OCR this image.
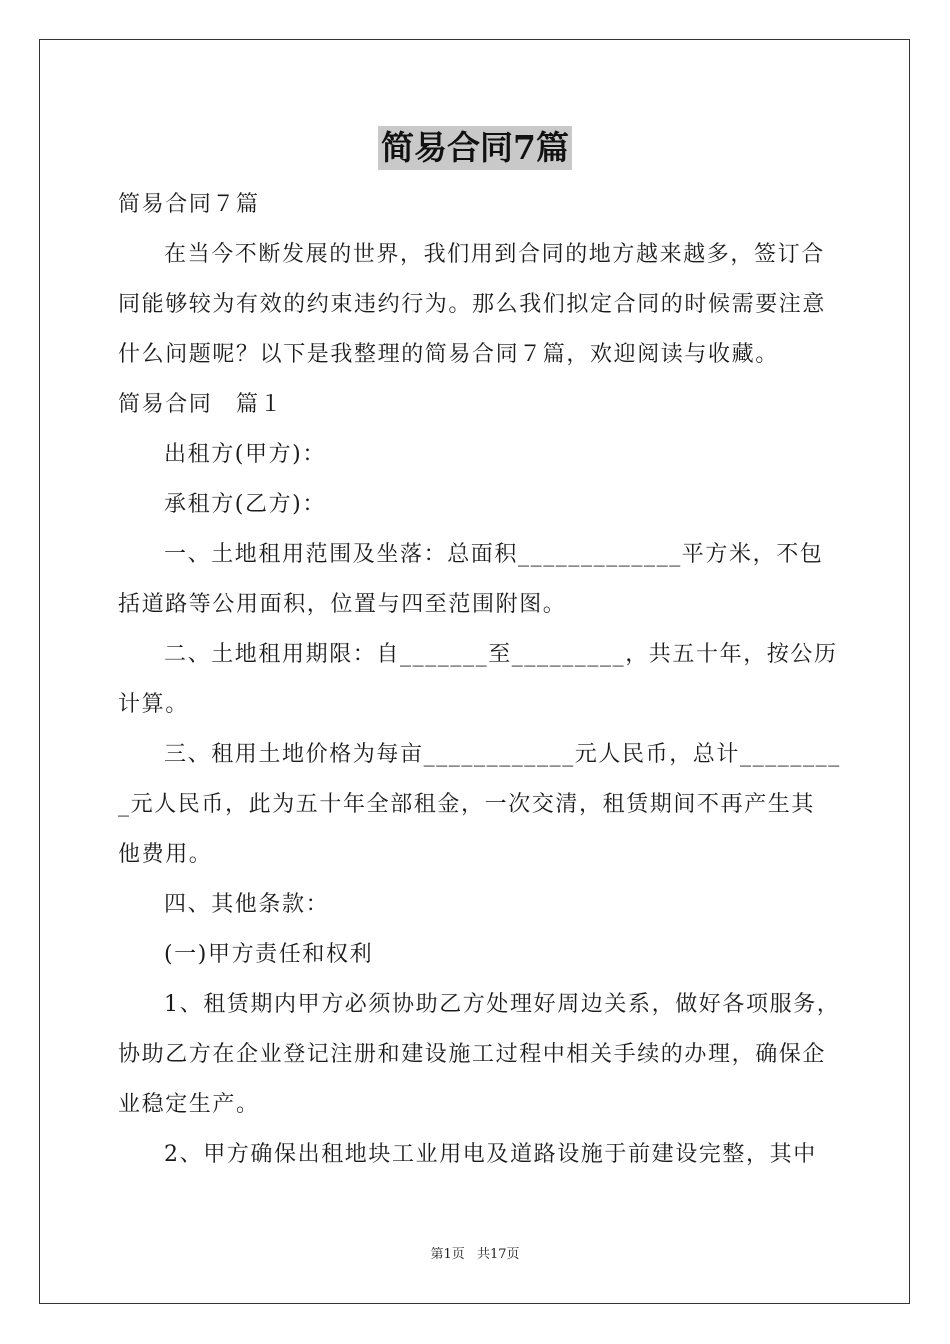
简易合同7篇

简易合同７篇

在当今不断发展的世界，我们用到合同的地方越来越多，签订合

同能够较为有效的约束违约行为。那么我们拟定合同的时候需要注意

什么问题呢？以下是我整理的简易合同７篇，欢迎阅读与收藏。

简易合同　篇１

出租方(甲方)：

承租方(乙方)：

一、土地租用范围及坐落：总面积_____________平方米，不包

括道路等公用面积，位置与四至范围附图。

二、土地租用期限：自_______至_________，共五十年，按公历

计算。

三、租用土地价格为每亩____________元人民币，总计________

_元人民币，此为五十年全部租金，一次交清，租赁期间不再产生其

他费用。

四、其他条款：

(一)甲方责任和权利

1、租赁期内甲方必须协助乙方处理好周边关系，做好各项服务，

协助乙方在企业登记注册和建设施工过程中相关手续的办理，确保企

业稳定生产。

2、甲方确保出租地块工业用电及道路设施于前建设完整，其中

第1页 共17页
